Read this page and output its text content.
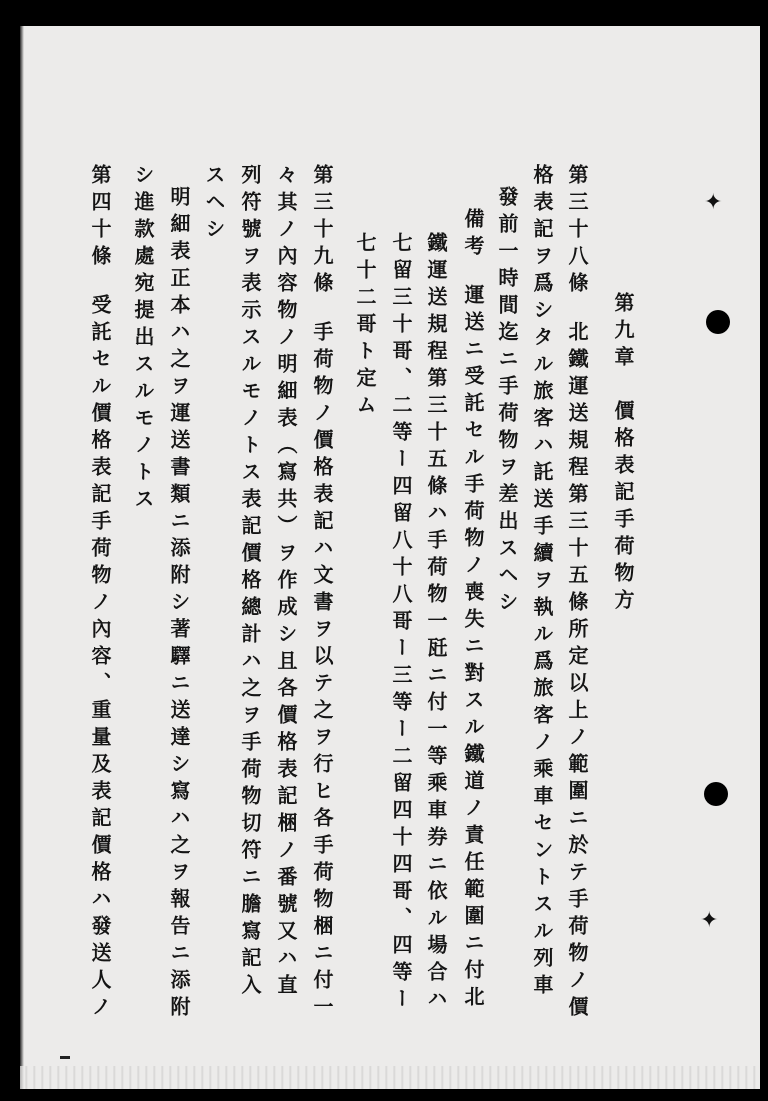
第九章　價格表記手荷物方
第三十八條北鐵運送規程第三十五條所定以上ノ範圍ニ於テ手荷物ノ價
格表記ヲ爲シタル旅客ハ託送手續ヲ執ル爲旅客ノ乘車セントスル列車
發前一時間迄ニ手荷物ヲ差出スヘシ
備考運送ニ受託セル手荷物ノ喪失ニ對スル鐵道ノ責任範圍ニ付北
鐵運送規程第三十五條ハ手荷物一瓩ニ付一等乘車券ニ依ル場合ハ
七留三十哥、二等ー四留八十八哥ー三等ー二留四十四哥、四等ー
七十二哥ト定ム
第三十九條手荷物ノ價格表記ハ文書ヲ以テ之ヲ行ヒ各手荷物梱ニ付一
々其ノ內容物ノ明細表（寫共）ヲ作成シ且各價格表記梱ノ番號又ハ直
列符號ヲ表示スルモノトス表記價格總計ハ之ヲ手荷物切符ニ膽寫記入
スヘシ
明細表正本ハ之ヲ運送書類ニ添附シ著驛ニ送達シ寫ハ之ヲ報告ニ添附
シ進款處宛提出スルモノトス
第四十條受託セル價格表記手荷物ノ內容、重量及表記價格ハ發送人ノ
✦
✦
